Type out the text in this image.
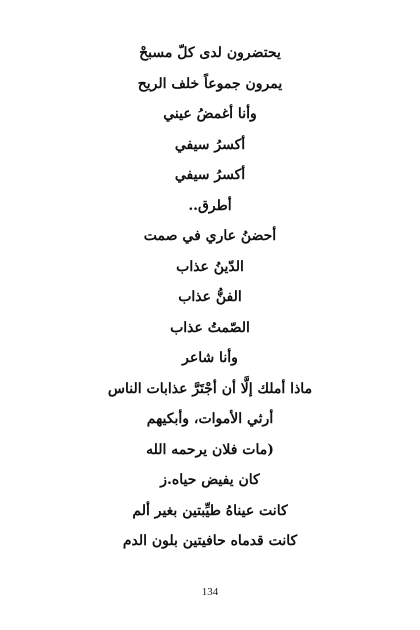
يحتضرون لدى كلّ مسبحْ
يمرون جموعاً خلف الريح
وأنا أغمضُ عيني
أكسرُ سيفي
أكسرُ سيفي
أطرق..
أحضنُ عاري في صمت
الدّينُ عذاب
الفنُّ عذاب
الصّمتُ عذاب
وأنا شاعر
ماذا أملك إلَّا أن أجْتَرَّ عذابات الناس
أرثي الأموات، وأبكيهم
(مات فلان يرحمه الله
كان يفيض حياه.ز
كانت عيناهُ طيِّبتين بغير ألم
كانت قدماه حافيتين بلون الدم
134
